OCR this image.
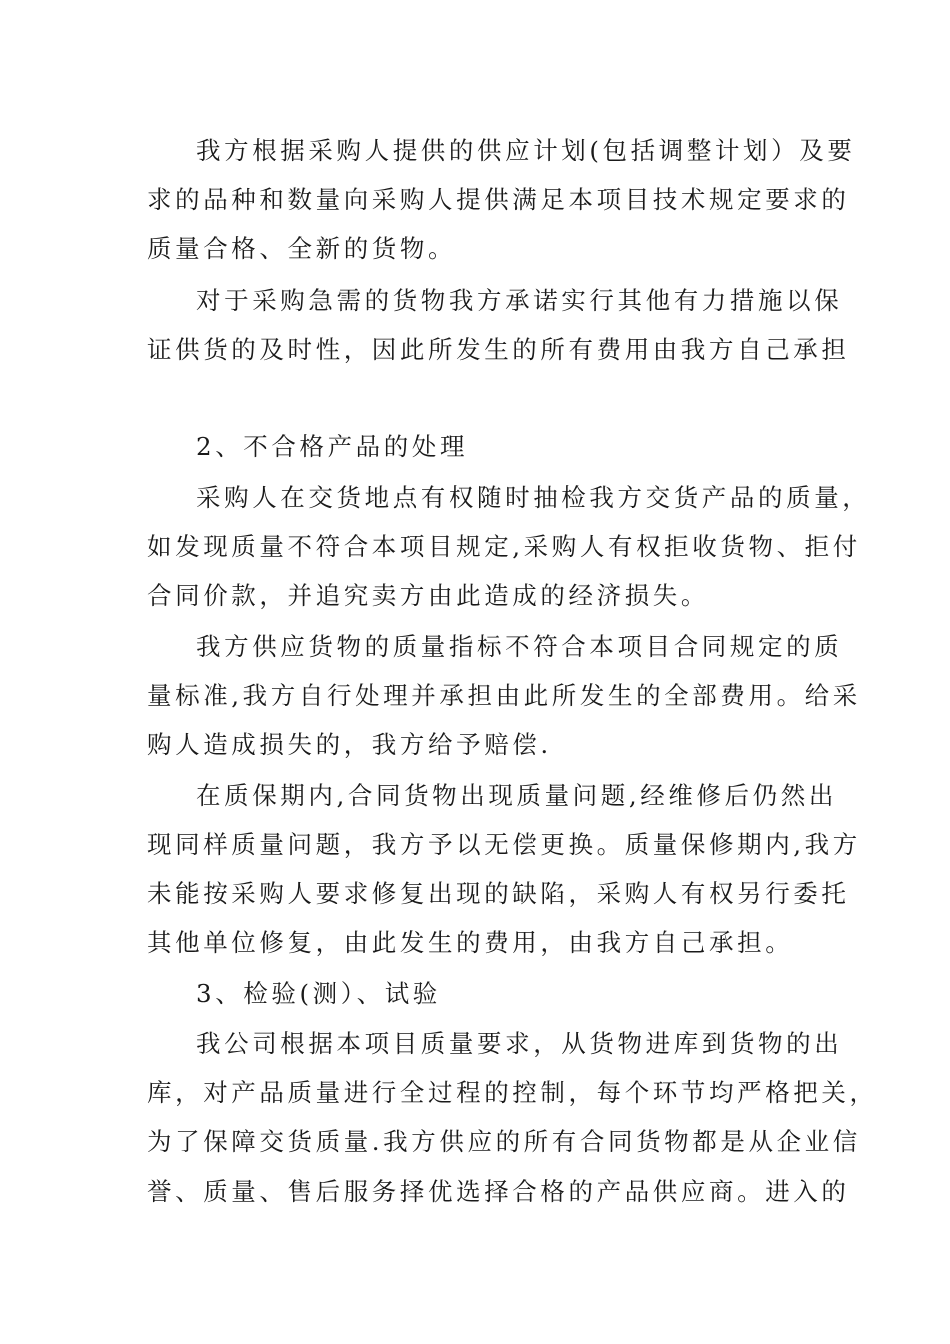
我方根据采购人提供的供应计划(包括调整计划）及要
求的品种和数量向采购人提供满足本项目技术规定要求的
质量合格、全新的货物。
对于采购急需的货物我方承诺实行其他有力措施以保
证供货的及时性，因此所发生的所有费用由我方自己承担
2、不合格产品的处理
采购人在交货地点有权随时抽检我方交货产品的质量，
如发现质量不符合本项目规定,采购人有权拒收货物、拒付
合同价款，并追究卖方由此造成的经济损失。
我方供应货物的质量指标不符合本项目合同规定的质
量标准,我方自行处理并承担由此所发生的全部费用。给采
购人造成损失的，我方给予赔偿.
在质保期内,合同货物出现质量问题,经维修后仍然出
现同样质量问题，我方予以无偿更换。质量保修期内,我方
未能按采购人要求修复出现的缺陷，采购人有权另行委托
其他单位修复，由此发生的费用，由我方自己承担。
3、检验(测）、试验
我公司根据本项目质量要求，从货物进库到货物的出
库，对产品质量进行全过程的控制，每个环节均严格把关，
为了保障交货质量.我方供应的所有合同货物都是从企业信
誉、质量、售后服务择优选择合格的产品供应商。进入的
